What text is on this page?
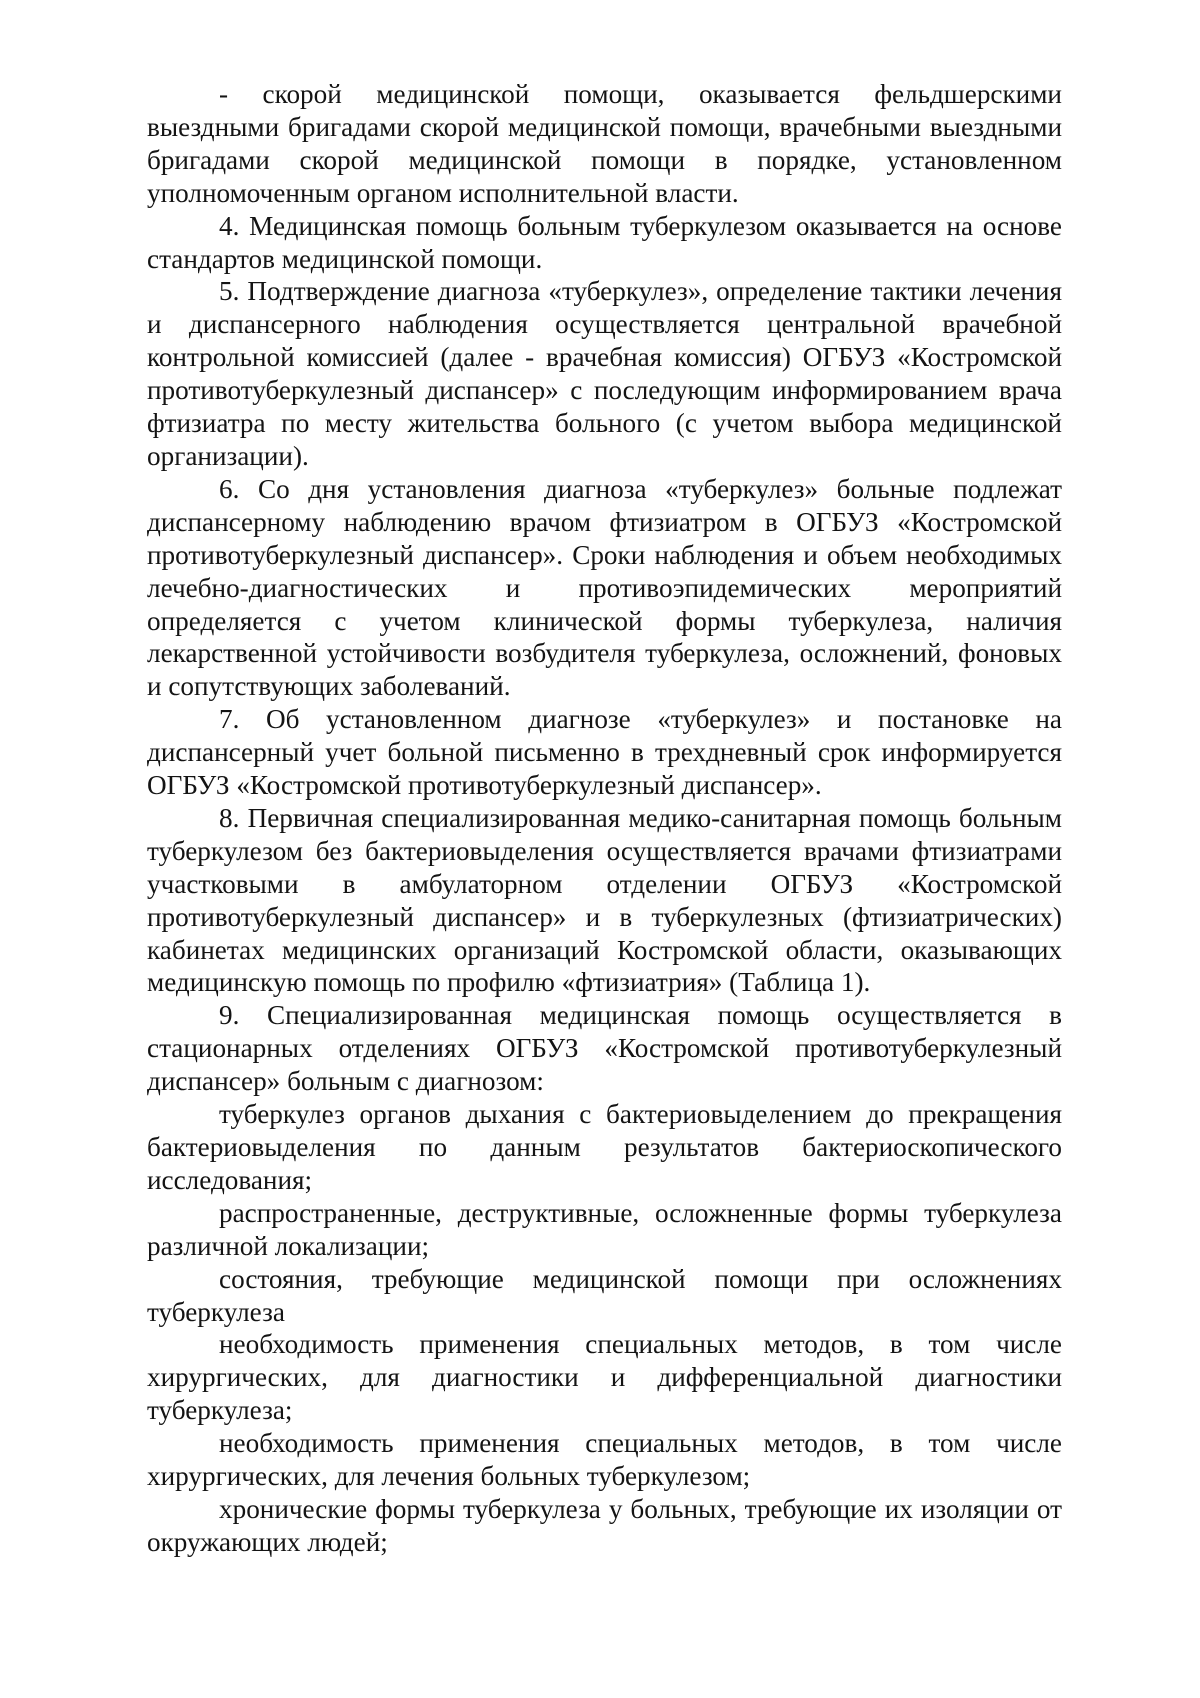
- скорой медицинской помощи, оказывается фельдшерскими выездными бригадами скорой медицинской помощи, врачебными выездными бригадами скорой медицинской помощи в порядке, установленном уполномоченным органом исполнительной власти.

4. Медицинская помощь больным туберкулезом оказывается на основе стандартов медицинской помощи.

5. Подтверждение диагноза «туберкулез», определение тактики лечения и диспансерного наблюдения осуществляется центральной врачебной контрольной комиссией (далее - врачебная комиссия) ОГБУЗ «Костромской противотуберкулезный диспансер» с последующим информированием врача фтизиатра по месту жительства больного (с учетом выбора медицинской организации).

6. Со дня установления диагноза «туберкулез» больные подлежат диспансерному наблюдению врачом фтизиатром в ОГБУЗ «Костромской противотуберкулезный диспансер». Сроки наблюдения и объем необходимых лечебно-диагностических и противоэпидемических мероприятий определяется с учетом клинической формы туберкулеза, наличия лекарственной устойчивости возбудителя туберкулеза, осложнений, фоновых и сопутствующих заболеваний.

7. Об установленном диагнозе «туберкулез» и постановке на диспансерный учет больной письменно в трехдневный срок информируется ОГБУЗ «Костромской противотуберкулезный диспансер».

8. Первичная специализированная медико-санитарная помощь больным туберкулезом без бактериовыделения осуществляется врачами фтизиатрами участковыми в амбулаторном отделении ОГБУЗ «Костромской противотуберкулезный диспансер» и в туберкулезных (фтизиатрических) кабинетах медицинских организаций Костромской области, оказывающих медицинскую помощь по профилю «фтизиатрия» (Таблица 1).

9. Специализированная медицинская помощь осуществляется в стационарных отделениях ОГБУЗ «Костромской противотуберкулезный диспансер» больным с диагнозом:

туберкулез органов дыхания с бактериовыделением до прекращения бактериовыделения по данным результатов бактериоскопического исследования;

распространенные, деструктивные, осложненные формы туберкулеза различной локализации;

состояния, требующие медицинской помощи при осложнениях туберкулеза

необходимость применения специальных методов, в том числе хирургических, для диагностики и дифференциальной диагностики туберкулеза;

необходимость применения специальных методов, в том числе хирургических, для лечения больных туберкулезом;

хронические формы туберкулеза у больных, требующие их изоляции от окружающих людей;
